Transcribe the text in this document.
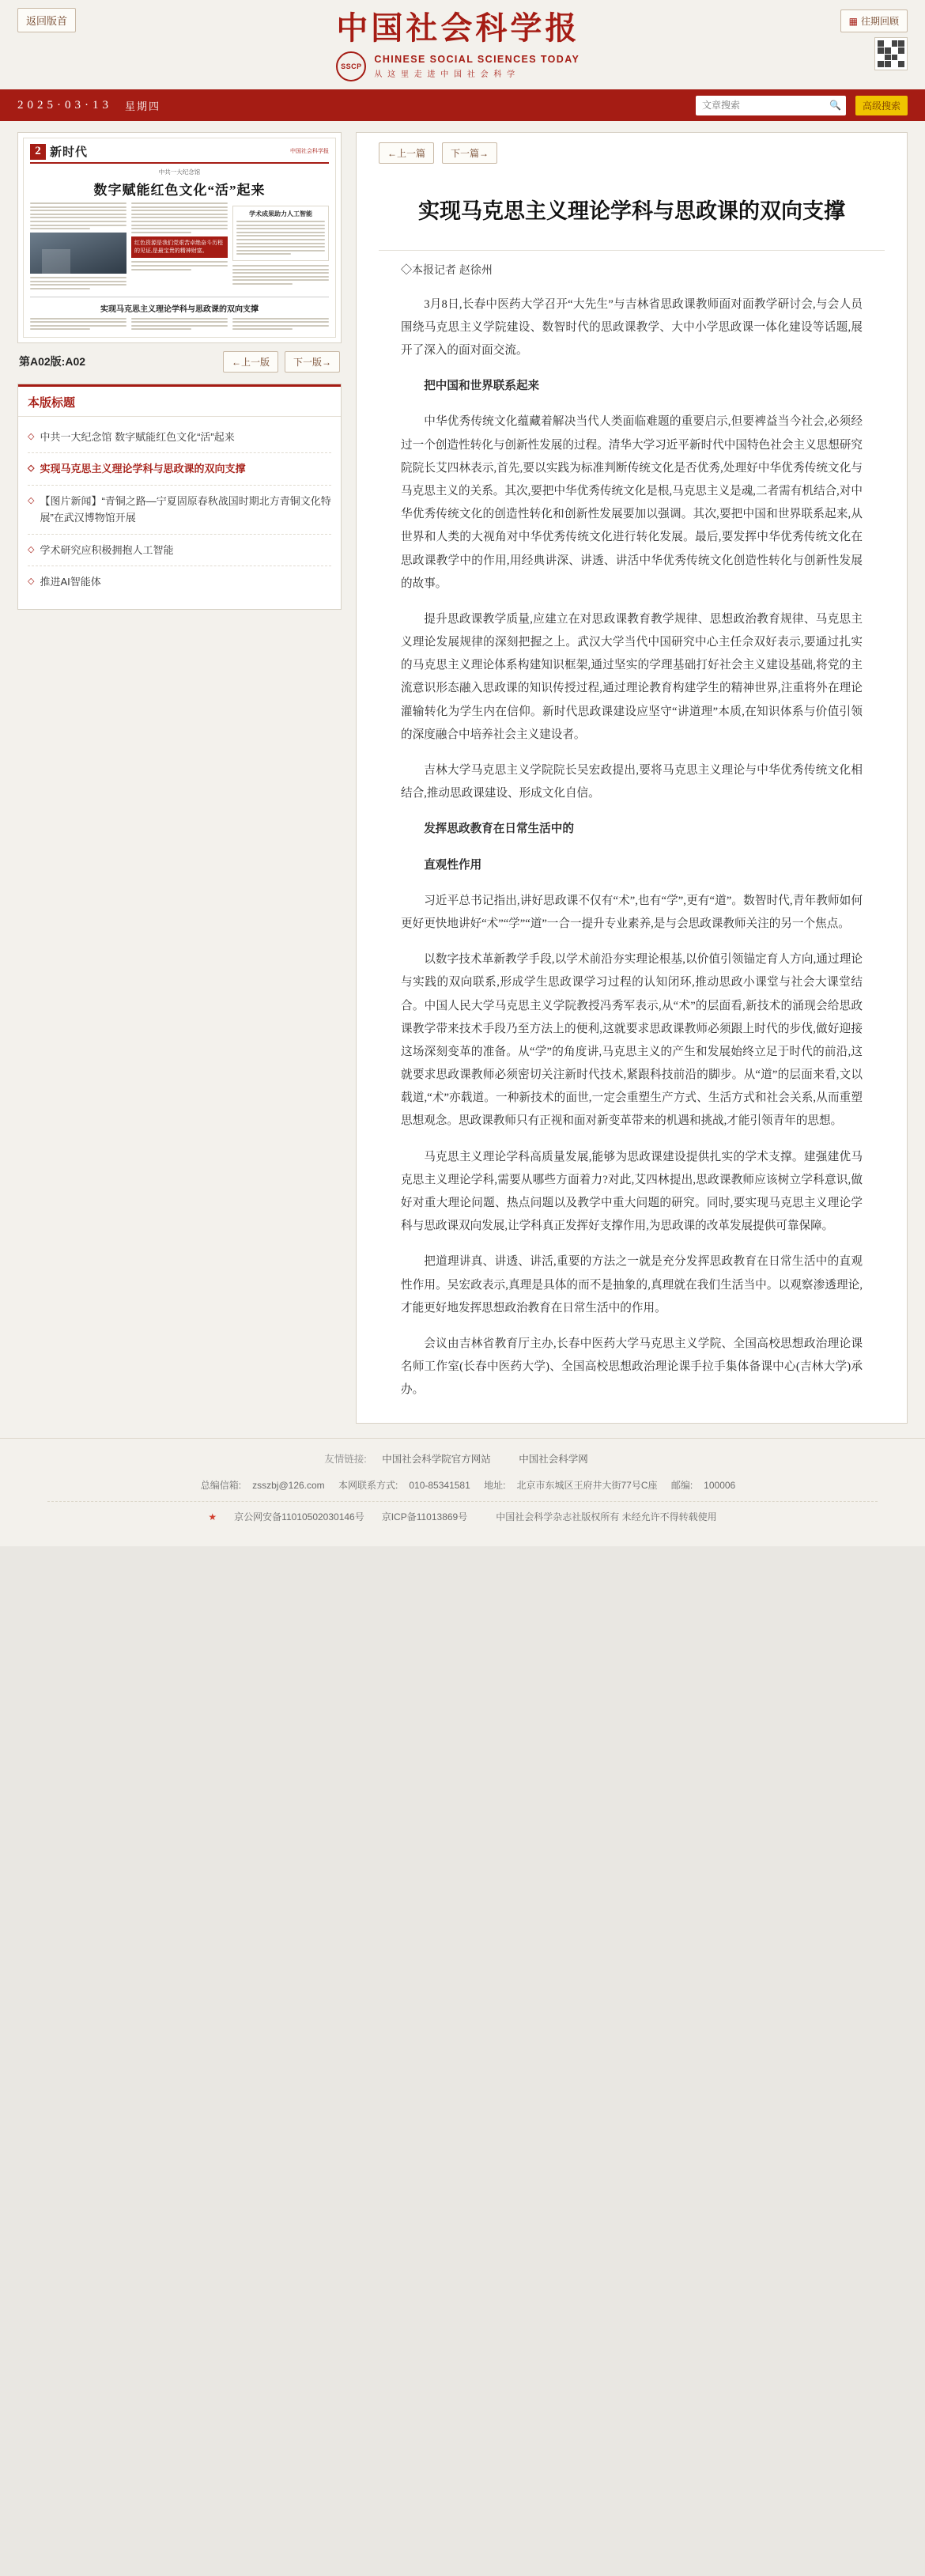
返回版首	中国社会科学报
SSCP
CHINESE SOCIAL SCIENCES TODAY
从 这 里 走 进 中 国 社 会 科 学
▦ 往期回顾
2025·03·13 星期四
文章搜索	🔍	高级搜索
2 新时代	中国社会科学报
中共一大纪念馆
数字赋能红色文化“活”起来
红色资源是我们党艰苦卓绝奋斗历程的见证,是最宝贵的精神财富。
学术成果助力人工智能
实现马克思主义理论学科与思政课的双向支撑
第A02版:A02	←上一版	下一版→
本版标题
◇ 中共一大纪念馆 数字赋能红色文化“活”起来
◇ 实现马克思主义理论学科与思政课的双向支撑
◇ 【图片新闻】“青铜之路—宁夏固原春秋战国时期北方青铜文化特展”在武汉博物馆开展
◇ 学术研究应积极拥抱人工智能
◇ 推进AI智能体
←上一篇	下一篇→
实现马克思主义理论学科与思政课的双向支撑
◇本报记者 赵徐州

3月8日,长春中医药大学召开“大先生”与吉林省思政课教师面对面教学研讨会,与会人员围绕马克思主义学院建设、数智时代的思政课教学、大中小学思政课一体化建设等话题,展开了深入的面对面交流。

把中国和世界联系起来

中华优秀传统文化蕴藏着解决当代人类面临难题的重要启示,但要裨益当今社会,必须经过一个创造性转化与创新性发展的过程。清华大学习近平新时代中国特色社会主义思想研究院院长艾四林表示,首先,要以实践为标准判断传统文化是否优秀,处理好中华优秀传统文化与马克思主义的关系。其次,要把中华优秀传统文化是根,马克思主义是魂,二者需有机结合,对中华优秀传统文化的创造性转化和创新性发展要加以强调。其次,要把中国和世界联系起来,从世界和人类的大视角对中华优秀传统文化进行转化发展。最后,要发挥中华优秀传统文化在思政课教学中的作用,用经典讲深、讲透、讲活中华优秀传统文化创造性转化与创新性发展的故事。

提升思政课教学质量,应建立在对思政课教育教学规律、思想政治教育规律、马克思主义理论发展规律的深刻把握之上。武汉大学当代中国研究中心主任佘双好表示,要通过扎实的马克思主义理论体系构建知识框架,通过坚实的学理基础打好社会主义建设基础,将党的主流意识形态融入思政课的知识传授过程,通过理论教育构建学生的精神世界,注重将外在理论灌输转化为学生内在信仰。新时代思政课建设应坚守“讲道理”本质,在知识体系与价值引领的深度融合中培养社会主义建设者。

吉林大学马克思主义学院院长吴宏政提出,要将马克思主义理论与中华优秀传统文化相结合,推动思政课建设、形成文化自信。

发挥思政教育在日常生活中的

直观性作用

习近平总书记指出,讲好思政课不仅有“术”,也有“学”,更有“道”。数智时代,青年教师如何更好更快地讲好“术”“学”“道”一合一提升专业素养,是与会思政课教师关注的另一个焦点。

以数字技术革新教学手段,以学术前沿夯实理论根基,以价值引领锚定育人方向,通过理论与实践的双向联系,形成学生思政课学习过程的认知闭环,推动思政小课堂与社会大课堂结合。中国人民大学马克思主义学院教授冯秀军表示,从“术”的层面看,新技术的涌现会给思政课教学带来技术手段乃至方法上的便利,这就要求思政课教师必须跟上时代的步伐,做好迎接这场深刻变革的准备。从“学”的角度讲,马克思主义的产生和发展始终立足于时代的前沿,这就要求思政课教师必须密切关注新时代技术,紧跟科技前沿的脚步。从“道”的层面来看,文以载道,“术”亦载道。一种新技术的面世,一定会重塑生产方式、生活方式和社会关系,从而重塑思想观念。思政课教师只有正视和面对新变革带来的机遇和挑战,才能引领青年的思想。

马克思主义理论学科高质量发展,能够为思政课建设提供扎实的学术支撑。建强建优马克思主义理论学科,需要从哪些方面着力?对此,艾四林提出,思政课教师应该树立学科意识,做好对重大理论问题、热点问题以及教学中重大问题的研究。同时,要实现马克思主义理论学科与思政课双向发展,让学科真正发挥好支撑作用,为思政课的改革发展提供可靠保障。

把道理讲真、讲透、讲活,重要的方法之一就是充分发挥思政教育在日常生活中的直观性作用。吴宏政表示,真理是具体的而不是抽象的,真理就在我们生活当中。以观察渗透理论,才能更好地发挥思想政治教育在日常生活中的作用。

会议由吉林省教育厅主办,长春中医药大学马克思主义学院、全国高校思想政治理论课名师工作室(长春中医药大学)、全国高校思想政治理论课手拉手集体备课中心(吉林大学)承办。

友情链接: 中国社会科学院官方网站	中国社会科学网
总编信箱: zsszbj@126.com 本网联系方式: 010-85341581 地址: 北京市东城区王府井大街77号C座 邮编: 100006
★ 京公网安备11010502030146号 京ICP备11013869号	中国社会科学杂志社版权所有 未经允许不得转载使用
